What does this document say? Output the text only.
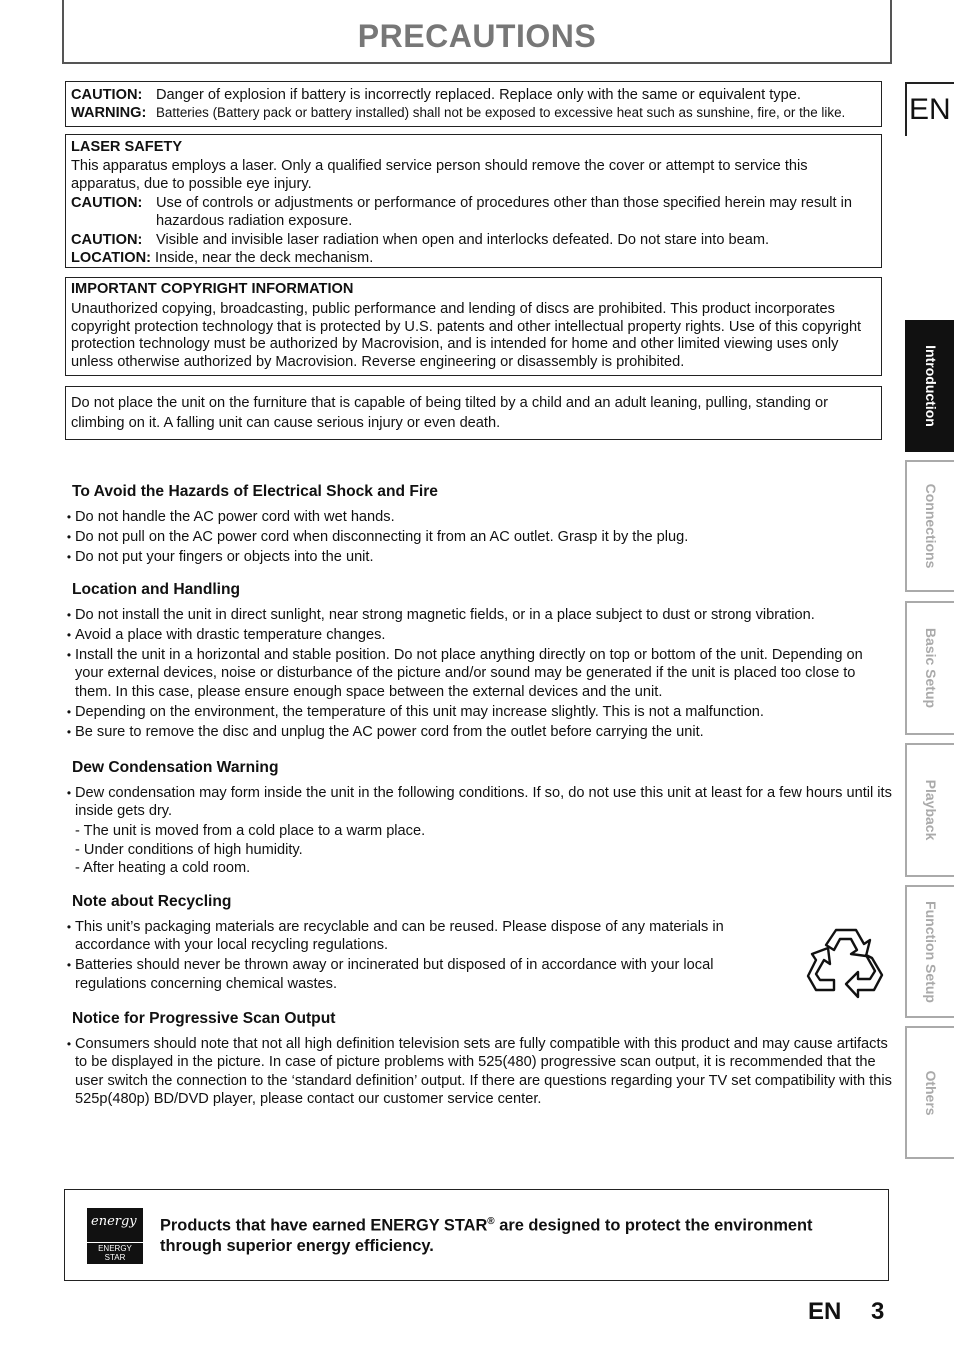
PRECAUTIONS
CAUTION: Danger of explosion if battery is incorrectly replaced. Replace only with the same or equivalent type.
WARNING: Batteries (Battery pack or battery installed) shall not be exposed to excessive heat such as sunshine, fire, or the like.
LASER SAFETY
This apparatus employs a laser. Only a qualified service person should remove the cover or attempt to service this apparatus, due to possible eye injury.
CAUTION: Use of controls or adjustments or performance of procedures other than those specified herein may result in hazardous radiation exposure.
CAUTION: Visible and invisible laser radiation when open and interlocks defeated. Do not stare into beam.
LOCATION: Inside, near the deck mechanism.
IMPORTANT COPYRIGHT INFORMATION
Unauthorized copying, broadcasting, public performance and lending of discs are prohibited. This product incorporates copyright protection technology that is protected by U.S. patents and other intellectual property rights. Use of this copyright protection technology must be authorized by Macrovision, and is intended for home and other limited viewing uses only unless otherwise authorized by Macrovision. Reverse engineering or disassembly is prohibited.
Do not place the unit on the furniture that is capable of being tilted by a child and an adult leaning, pulling, standing or climbing on it. A falling unit can cause serious injury or even death.
To Avoid the Hazards of Electrical Shock and Fire
• Do not handle the AC power cord with wet hands.
• Do not pull on the AC power cord when disconnecting it from an AC outlet. Grasp it by the plug.
• Do not put your fingers or objects into the unit.
Location and Handling
• Do not install the unit in direct sunlight, near strong magnetic fields, or in a place subject to dust or strong vibration.
• Avoid a place with drastic temperature changes.
• Install the unit in a horizontal and stable position. Do not place anything directly on top or bottom of the unit. Depending on your external devices, noise or disturbance of the picture and/or sound may be generated if the unit is placed too close to them. In this case, please ensure enough space between the external devices and the unit.
• Depending on the environment, the temperature of this unit may increase slightly. This is not a malfunction.
• Be sure to remove the disc and unplug the AC power cord from the outlet before carrying the unit.
Dew Condensation Warning
• Dew condensation may form inside the unit in the following conditions. If so, do not use this unit at least for a few hours until its inside gets dry.
- The unit is moved from a cold place to a warm place.
- Under conditions of high humidity.
- After heating a cold room.
Note about Recycling
• This unit’s packaging materials are recyclable and can be reused. Please dispose of any materials in accordance with your local recycling regulations.
• Batteries should never be thrown away or incinerated but disposed of in accordance with your local regulations concerning chemical wastes.
Notice for Progressive Scan Output
• Consumers should note that not all high definition television sets are fully compatible with this product and may cause artifacts to be displayed in the picture. In case of picture problems with 525(480) progressive scan output, it is recommended that the user switch the connection to the ‘standard definition’ output. If there are questions regarding your TV set compatibility with this 525p(480p) BD/DVD player, please contact our customer service center.
energy
ENERGY STAR

Products that have earned ENERGY STAR® are designed to protect the environment through superior energy efficiency.

EN 3
EN
Introduction
Connections
Basic Setup
Playback
Function Setup
Others
